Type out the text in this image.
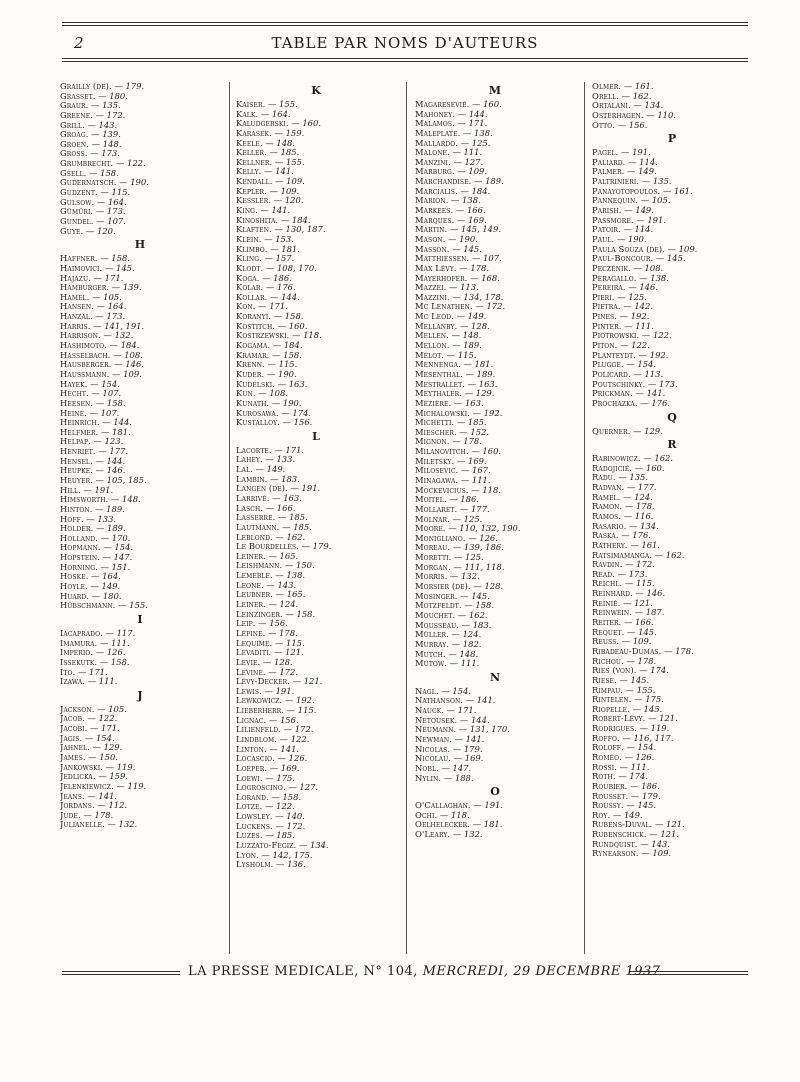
2	TABLE PAR NOMS D'AUTEURS
Grailly (de). — 179.
Grasset. — 180.
Graur. — 135.
Greene. — 172.
Grill. — 143.
Groag. — 139.
Groen. — 148.
Gross. — 173.
Grumbrecht. — 122.
Gsell. — 158.
Gudernatsch. — 190.
Gudzent. — 115.
Gulsow. — 164.
Gümüri. — 173.
Gundel. — 107.
Guye. — 120.
H
Haffner. — 158.
Haimovici. — 145.
Hajazu. — 171.
Hamburger. — 139.
Hamel. — 105.
Hansen. — 164.
Hanzal. — 173.
Harris. — 141, 191.
Harrison. — 132.
Hashimoto. — 184.
Hasselbach. — 108.
Hausberger. — 146.
Haussmann. — 109.
Hayek. — 154.
Hecht. — 107.
Heesen. — 158.
Heine. — 107.
Heinrich. — 144.
Helfmer. — 181.
Helpap. — 123.
Henriet. — 177.
Hensel. — 144.
Heupke. — 146.
Heuyer. — 105, 185.
Hill. — 191.
Himsworth. — 148.
Hinton. — 189.
Hoff. — 133.
Holder. — 189.
Holland. — 170.
Hopmann. — 154.
Hopstein. — 147.
Horning. — 151.
Hoske. — 164.
Hoyle. — 149.
Huard. — 180.
Hübschmann. — 155.
I
Iacaprado. — 117.
Imamura. — 111.
Imperio. — 126.
Issekutk. — 158.
Ito. — 171.
Izawa. — 111.
J
Jackson. — 105.
Jacob. — 122.
Jacobi. — 171.
Jagis. — 154.
Jahnel. — 129.
James. — 150.
Jankowski. — 119.
Jedlicka. — 159.
Jelenkiewicz. — 119.
Jeans. — 141.
Jordans. — 112.
Jude. — 178.
Julianelle. — 132.
K
Kaiser. — 155.
Kalk. — 164.
Kaludgerski. — 160.
Karasek. — 159.
Keele. — 148.
Keller. — 185.
Kellner. — 155.
Kelly. — 141.
Kendall. — 109.
Kepler. — 109.
Kessler. — 120.
King. — 141.
Kinoshita. — 184.
Klaften. — 130, 187.
Klein. — 153.
Klimbo. — 181.
Kling. — 157.
Klodt. — 108, 170.
Koga. — 186.
Kolar. — 176.
Kollar. — 144.
Kon. — 171.
Koranyi. — 158.
Kostitch. — 160.
Kostrzewski. — 118.
Kogama. — 184.
Kramar. — 158.
Krenn. — 115.
Kuder. — 190.
Kudelski. — 163.
Kun. — 108.
Kunath. — 190.
Kurosawa. — 174.
Kustalloy. — 156.
L
Lacorte. — 171.
Lahey. — 133.
Lal. — 149.
Lambin. — 183.
Langen (de). — 191.
Larrivé. — 163.
Lasch. — 166.
Lasserre. — 185.
Lautmann. — 185.
Leblond. — 162.
Le Bourdellès. — 179.
Leiner. — 165.
Leishmann. — 150.
Lemeble. — 138.
Leone. — 143.
Leubner. — 165.
Leiner. — 124.
Leinzinger. — 158.
Leip. — 156.
Lépine. — 178.
Lequime. — 115.
Levaditi. — 121.
Levie. — 128.
Levine. — 172.
Lévy-Decker. — 121.
Lewis. — 191.
Lewkowicz. — 192.
Lieberherr. — 115.
Lignac. — 156.
Lilienfeld. — 172.
Lindblom. — 122.
Linton. — 141.
Locascio. — 126.
Loeper. — 169.
Loewi. — 175.
Logroscino. — 127.
Lorand. — 158.
Lotze. — 122.
Lowsley. — 140.
Luckens. — 172.
Luzes. — 185.
Luzzato-Fegiz. — 134.
Lyon. — 142, 175.
Lysholm. — 136.
M
Magaresevié. — 160.
Mahoney. — 144.
Malamos. — 171.
Maleplate. — 138.
Mallardo. — 125.
Malone. — 111.
Manzini. — 127.
Marburg. — 109.
Marchandise. — 189.
Marcialis. — 184.
Marion. — 138.
Markees. — 166.
Marques. — 169.
Martin. — 145, 149.
Mason. — 190.
Masson. — 145.
Matthiessen. — 107.
Max Lévy. — 178.
Mayerhofer. — 168.
Mazzei. — 113.
Mazzini. — 134, 178.
Mc Lenathen. — 172.
Mc Leod. — 149.
Mellanby. — 128.
Mellen. — 148.
Mellon. — 189.
Mélot. — 115.
Mennenga. — 181.
Mesenthal. — 189.
Mestrallet. — 163.
Meythaler. — 129.
Mézière. — 163.
Michalowski. — 192.
Michetti. — 185.
Miescher. — 152.
Mignon. — 178.
Milanovitch. — 160.
Miletsky. — 169.
Milosevic. — 167.
Minagawa. — 111.
Mockevicius. — 118.
Moitel. — 186.
Mollaret. — 177.
Molnar. — 125.
Moore. — 110, 132, 190.
Monigliano. — 126.
Moreau. — 139, 186.
Moretti. — 125.
Morgan. — 111, 118.
Morris. — 132.
Morsier (de). — 128.
Mosinger. — 145.
Motzfeldt. — 158.
Mouchet. — 162.
Mousseau. — 183.
Müller. — 124.
Murray. — 182.
Mutch. — 148.
Mutow. — 111.
N
Nagl. — 154.
Nathanson. — 141.
Nauck. — 171.
Netousek. — 144.
Neumann. — 131, 170.
Newman. — 141.
Nicolas. — 179.
Nicolau. — 169.
Nobl. — 147.
Nylin. — 188.
O
O'Callaghan. — 191.
Ochi. — 118.
Oelhelecker. — 181.
O'Leary. — 132.
Olmer. — 161.
Orell. — 162.
Ortalani. — 134.
Osterhagen. — 110.
Otto. — 156.
P
Pagel. — 191.
Paliard. — 114.
Palmer. — 149.
Paltrinieri. — 135.
Panayotopoulos. — 161.
Pannequin. — 105.
Parish. — 149.
Passmore. — 191.
Patoir. — 114.
Paul. — 190.
Paula Souza (de). — 109.
Paul-Boncour. — 145.
Peczenik. — 108.
Peragallo. — 138.
Pereira. — 146.
Pieri. — 125.
Pietra. — 142.
Pines. — 192.
Pinter. — 111.
Piotrowski. — 122.
Piton. — 122.
Planteydt. — 192.
Plugge. — 154.
Policard. — 113.
Poutschinky. — 173.
Prickman. — 141.
Prochazka. — 176.
Q
Querner. — 129.
R
Rabinowicz. — 162.
Radojicié. — 160.
Radu. — 135.
Radvan. — 177.
Ramel. — 124.
Ramon. — 178.
Ramos. — 116.
Rasario. — 134.
Raska. — 176.
Rathery. — 161.
Ratsimamanga. — 162.
Ravdin. — 172.
Read. — 173.
Reichl. — 115.
Reinhard. — 146.
Reinié. — 121.
Reinwein. — 187.
Reiter. — 166.
Requet. — 145.
Reuss. — 109.
Ribadeau-Dumas. — 178.
Richou. — 178.
Ries (von). — 174.
Riese. — 145.
Rimpau. — 155.
Rintelen. — 175.
Riopelle. — 145.
Robert-Lévy. — 121.
Rodrigues. — 119.
Roffo. — 116, 117.
Roloff. — 154.
Roméo. — 126.
Rossi. — 111.
Roth. — 174.
Roubier. — 186.
Rousset. — 179.
Roussy. — 145.
Roy. — 149.
Rubens-Duval. — 121.
Rubenschick. — 121.
Rundquist. — 143.
Rynearson. — 109.
LA PRESSE MEDICALE, N° 104, MERCREDI, 29 DECEMBRE 1937
